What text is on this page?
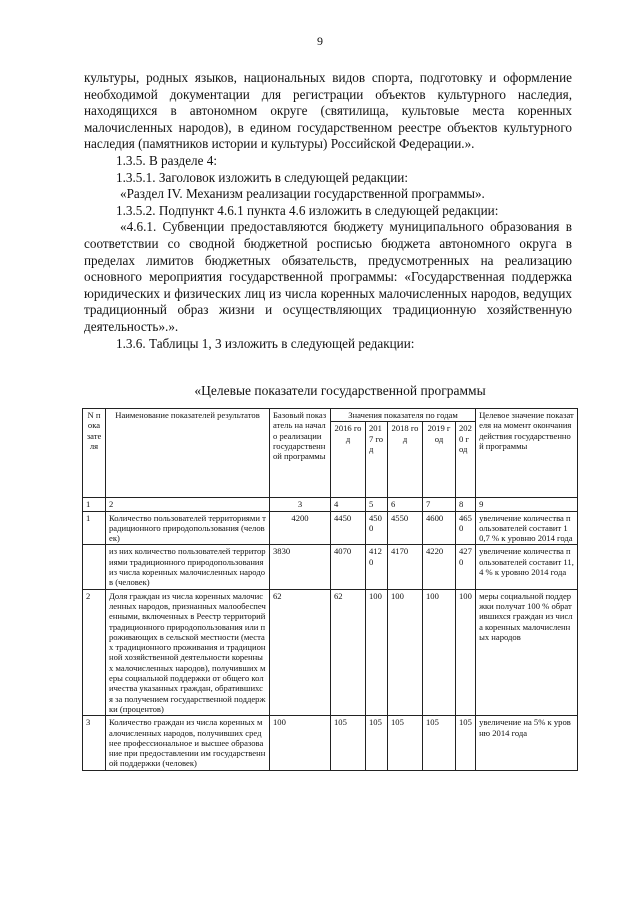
9

культуры, родных языков, национальных видов спорта, подготовку и оформление необходимой документации для регистрации объектов культурного наследия, находящихся в автономном округе (святилища, культовые места коренных малочисленных народов), в едином государственном реестре объектов культурного наследия (памятников истории и культуры) Российской Федерации.».

1.3.5. В разделе 4:

1.3.5.1. Заголовок изложить в следующей редакции:

«Раздел IV. Механизм реализации государственной программы».

1.3.5.2. Подпункт 4.6.1 пункта 4.6 изложить в следующей редакции:

«4.6.1. Субвенции предоставляются бюджету муниципального образования в соответствии со сводной бюджетной росписью бюджета автономного округа в пределах лимитов бюджетных обязательств, предусмотренных на реализацию основного мероприятия государственной программы: «Государственная поддержка юридических и физических лиц из числа коренных малочисленных народов, ведущих традиционный образ жизни и осуществляющих традиционную хозяйственную деятельность».».

1.3.6. Таблицы 1, 3 изложить в следующей редакции:

«Целевые показатели государственной программы
N пока зате ля	Наименование показателей результатов	Базовый показатель на начало реализации государственной программы	Значения показателя по годам					Целевое значение показателя на момент окончания действия государственной программы
			2016 год	201 7 год	2018 год	2019 год	202 0 год	
1	2	3	4	5	6	7	8	9
1	Количество пользователей территориями традиционного природопользования (человек)	4200	4450	450 0	4550	4600	465 0	увеличение количества пользователей составит 10,7 % к уровню 2014 года
	из них количество пользователей территориями традиционного природопользования из числа коренных малочисленных народов (человек)	3830	4070	412 0	4170	4220	427 0	увеличение количества пользователей составит 11,4 % к уровню 2014 года
2	Доля граждан из числа коренных малочисленных народов, признанных малообеспеченными, включенных в Реестр территорий традиционного природопользования или проживающих в сельской местности (местах традиционного проживания и традиционной хозяйственной деятельности коренных малочисленных народов), получивших меры социальной поддержки от общего количества указанных граждан, обратившихся за получением государственной поддержки (процентов)	62	62	100	100	100	100	меры социальной поддержки получат 100 % обратившихся граждан из числа коренных малочисленных народов
3	Количество граждан из числа коренных малочисленных народов, получивших среднее профессиональное и высшее образование при предоставлении им государственной поддержки (человек)	100	105	105	105	105	105	увеличение на 5% к уровню 2014 года
